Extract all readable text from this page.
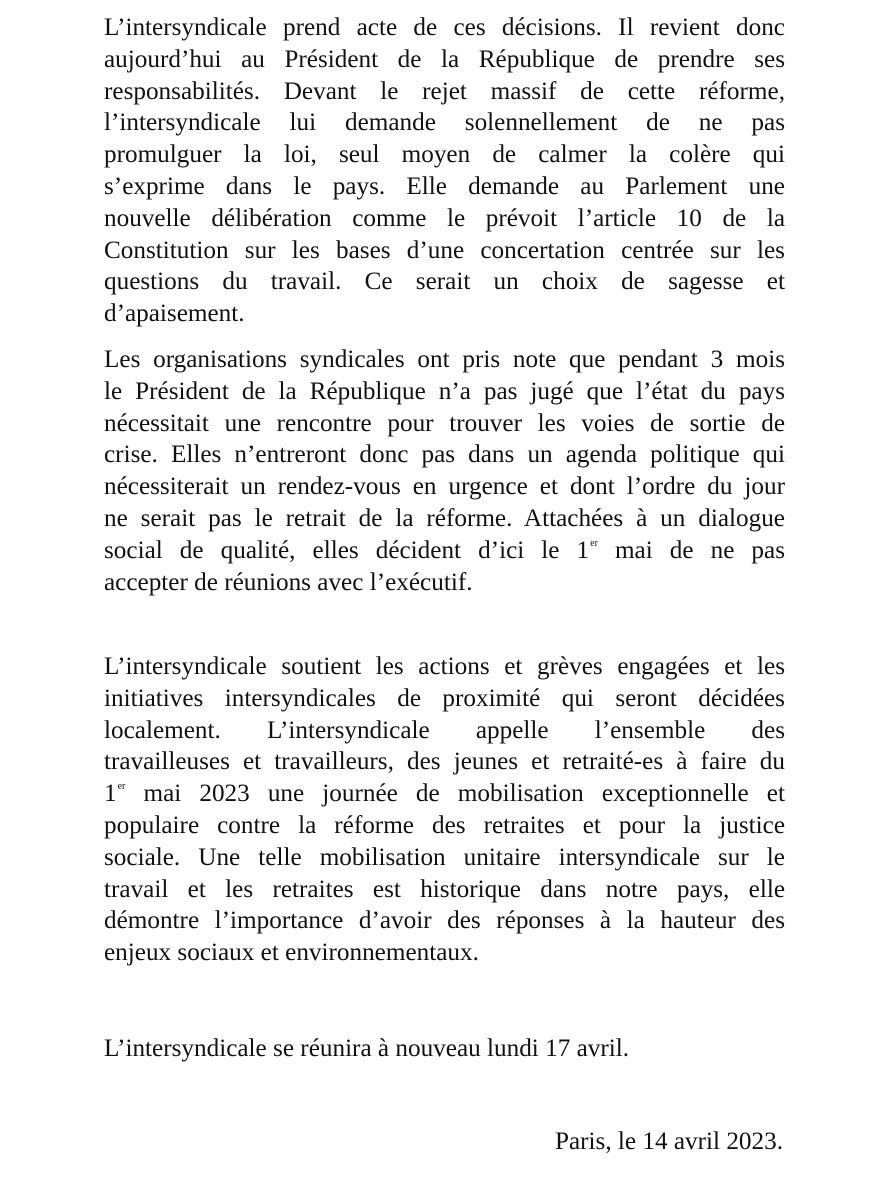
L’intersyndicale prend acte de ces décisions. Il revient donc
aujourd’hui au Président de la République de prendre ses
responsabilités. Devant le rejet massif de cette réforme,
l’intersyndicale lui demande solennellement de ne pas
promulguer la loi, seul moyen de calmer la colère qui
s’exprime dans le pays. Elle demande au Parlement une
nouvelle délibération comme le prévoit l’article 10 de la
Constitution sur les bases d’une concertation centrée sur les
questions du travail. Ce serait un choix de sagesse et
d’apaisement.
Les organisations syndicales ont pris note que pendant 3 mois
le Président de la République n’a pas jugé que l’état du pays
nécessitait une rencontre pour trouver les voies de sortie de
crise. Elles n’entreront donc pas dans un agenda politique qui
nécessiterait un rendez-vous en urgence et dont l’ordre du jour
ne serait pas le retrait de la réforme. Attachées à un dialogue
social de qualité, elles décident d’ici le 1er mai de ne pas
accepter de réunions avec l’exécutif.
L’intersyndicale soutient les actions et grèves engagées et les
initiatives intersyndicales de proximité qui seront décidées
localement. L’intersyndicale appelle l’ensemble des
travailleuses et travailleurs, des jeunes et retraité-es à faire du
1er mai 2023 une journée de mobilisation exceptionnelle et
populaire contre la réforme des retraites et pour la justice
sociale. Une telle mobilisation unitaire intersyndicale sur le
travail et les retraites est historique dans notre pays, elle
démontre l’importance d’avoir des réponses à la hauteur des
enjeux sociaux et environnementaux.
L’intersyndicale se réunira à nouveau lundi 17 avril.
Paris, le 14 avril 2023.
